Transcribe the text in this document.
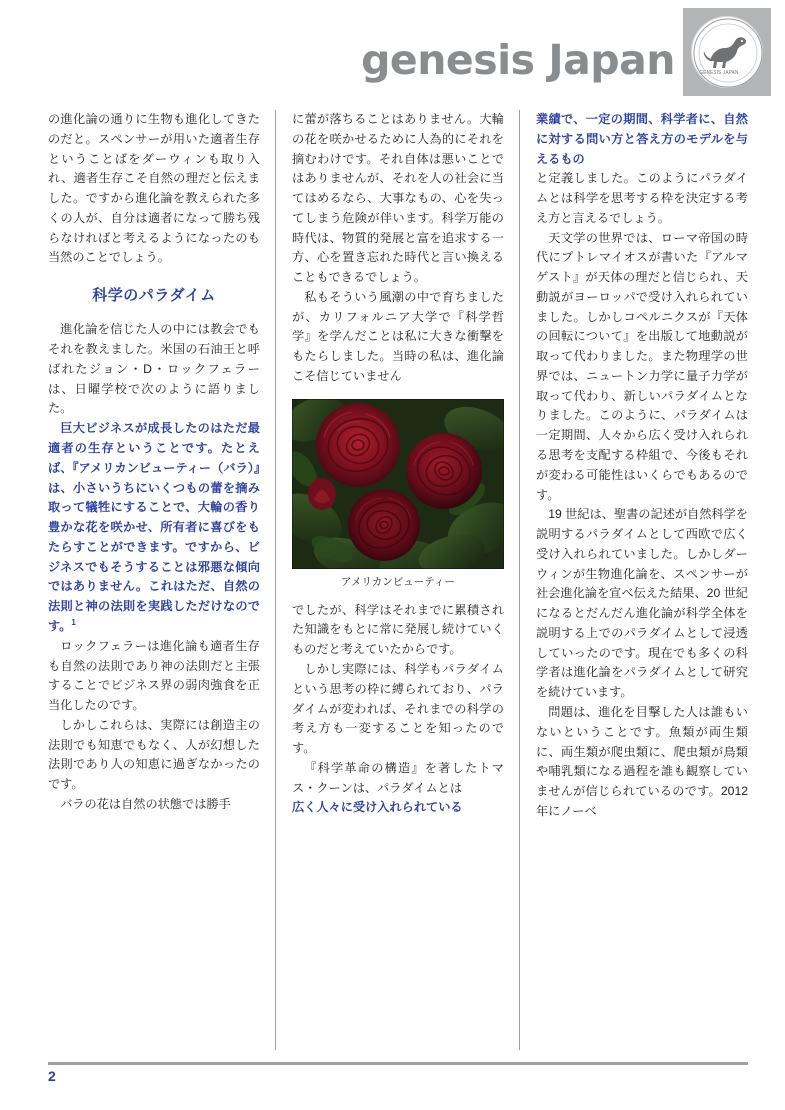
genesis Japan	GENESIS JAPAN

の進化論の通りに生物も進化してきたのだと。スペンサーが用いた適者生存ということばをダーウィンも取り入れ、適者生存こそ自然の理だと伝えました。ですから進化論を教えられた多くの人が、自分は適者になって勝ち残らなければと考えるようになったのも当然のことでしょう。

科学のパラダイム

進化論を信じた人の中には教会でもそれを教えました。米国の石油王と呼ばれたジョン・D・ロックフェラーは、日曜学校で次のように語りました。

巨大ビジネスが成長したのはただ最適者の生存ということです。たとえば、『アメリカンビューティー（バラ）』は、小さいうちにいくつもの蕾を摘み取って犠牲にすることで、大輪の香り豊かな花を咲かせ、所有者に喜びをもたらすことができます。ですから、ビジネスでもそうすることは邪悪な傾向ではありません。これはただ、自然の法則と神の法則を実践しただけなのです。$^1$

ロックフェラーは進化論も適者生存も自然の法則であり神の法則だと主張することでビジネス界の弱肉強食を正当化したのです。

しかしこれらは、実際には創造主の法則でも知恵でもなく、人が幻想した法則であり人の知恵に過ぎなかったのです。

バラの花は自然の状態では勝手

に蕾が落ちることはありません。大輪の花を咲かせるために人為的にそれを摘むわけです。それ自体は悪いことではありませんが、それを人の社会に当てはめるなら、大事なもの、心を失ってしまう危険が伴います。科学万能の時代は、物質的発展と富を追求する一方、心を置き忘れた時代と言い換えることもできるでしょう。

私もそういう風潮の中で育ちましたが、カリフォルニア大学で『科学哲学』を学んだことは私に大きな衝撃をもたらしました。当時の私は、進化論こそ信じていません

アメリカンビューティー

でしたが、科学はそれまでに累積された知識をもとに常に発展し続けていくものだと考えていたからです。

しかし実際には、科学もパラダイムという思考の枠に縛られており、パラダイムが変われば、それまでの科学の考え方も一変することを知ったのです。

『科学革命の構造』を著したトマス・クーンは、パラダイムとは

広く人々に受け入れられている

業績で、一定の期間、科学者に、自然に対する問い方と答え方のモデルを与えるもの

と定義しました。このようにパラダイムとは科学を思考する枠を決定する考え方と言えるでしょう。

天文学の世界では、ローマ帝国の時代にプトレマイオスが書いた『アルマゲスト』が天体の理だと信じられ、天動説がヨーロッパで受け入れられていました。しかしコペルニクスが『天体の回転について』を出版して地動説が取って代わりました。また物理学の世界では、ニュートン力学に量子力学が取って代わり、新しいパラダイムとなりました。このように、パラダイムは一定期間、人々から広く受け入れられる思考を支配する枠組で、今後もそれが変わる可能性はいくらでもあるのです。

19 世紀は、聖書の記述が自然科学を説明するパラダイムとして西欧で広く受け入れられていました。しかしダーウィンが生物進化論を、スペンサーが社会進化論を宣べ伝えた結果、20 世紀になるとだんだん進化論が科学全体を説明する上でのパラダイムとして浸透していったのです。現在でも多くの科学者は進化論をパラダイムとして研究を続けています。

問題は、進化を目撃した人は誰もいないということです。魚類が両生類に、両生類が爬虫類に、爬虫類が鳥類や哺乳類になる過程を誰も観察していませんが信じられているのです。2012 年にノーベ

2
